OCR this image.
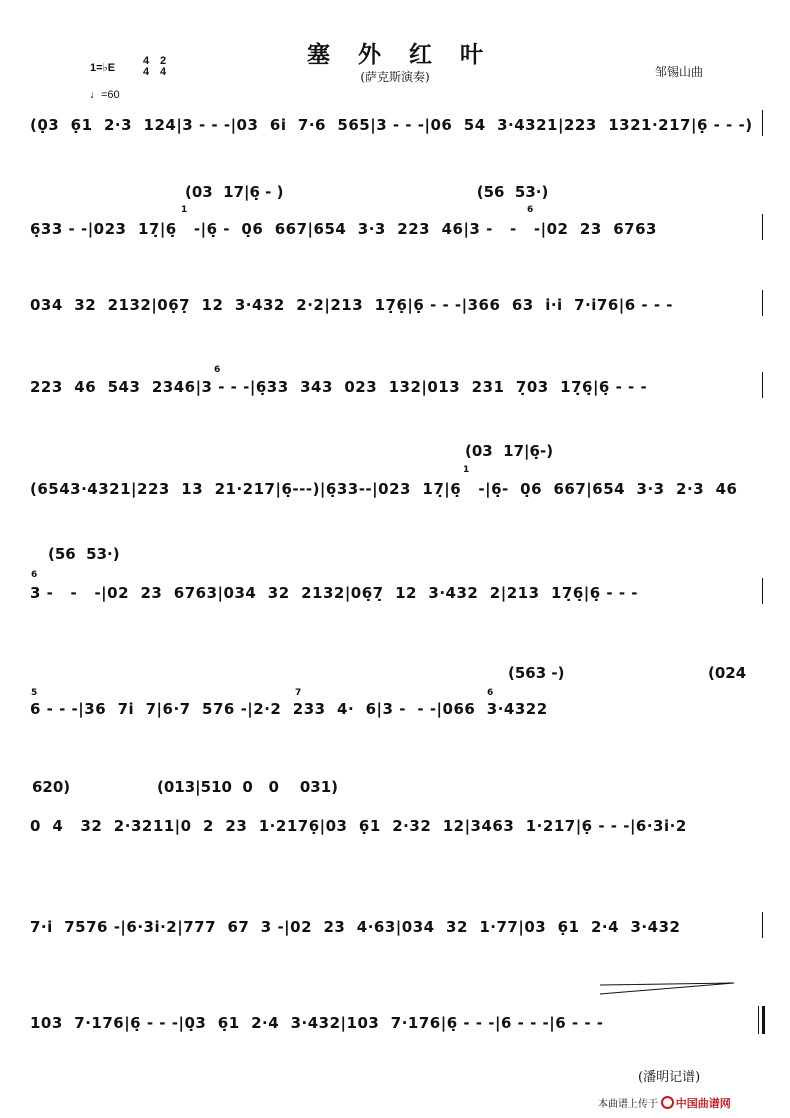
塞外红叶
(萨克斯演奏)
1=♭E
4
4
2
4
♩=60
邹锡山曲
(0̣3  6̣1  2·3  124|3 - - -|03  6i  7·6  565|3 - - -|06  54  3·4321|223  1321·217|6̣ - - -)
(03  17|6̣ - )                                     (56  53·)
1	6
6̣33 - -|023  17̣|6̣   -|6̣ -  0̣6  667|654  3·3  223  46|3 -   -   -|02  23  6763
034  32  2132|06̣7̣  12  3·432  2·2|213  17̣6̣|6̣ - - -|366  63  i·i  7·i76|6 - - -
6
223  46  543  2346|3 - - -|6̣33  343  023  132|013  231  7̣03  17̣6̣|6̣ - - -
(03  17|6̣-)
1
(6543·4321|223  13  21·217|6̣---)|6̣33--|023  17̣|6̣   -|6̣-  0̣6  667|654  3·3  2·3  46
(56  53·)
6
3 -   -   -|02  23  6763|034  32  2132|06̣7̣  12  3·432  2|213  17̣6̣|6̣ - - -
(563 -)	(024
5	7	6
6 - - -|36  7i  7|6·7  576 -|2·2  233  4·  6|3 -  - -|066  3·4322
620)	(013|510  0   0    031)
0  4   32  2·3211|0  2  23  1·2176̣|03  6̣1  2·32  12|3463  1·217|6̣ - - -|6·3i·2
7·i  7576 -|6·3i·2|777  67  3 -|02  23  4·63|034  32  1·77|03  6̣1  2·4  3·432
103  7·176|6̣ - - -|0̣3  6̣1  2·4  3·432|103  7·176|6̣ - - -|6 - - -|6 - - -
(潘明记谱)
本曲谱上传于 中国曲谱网
